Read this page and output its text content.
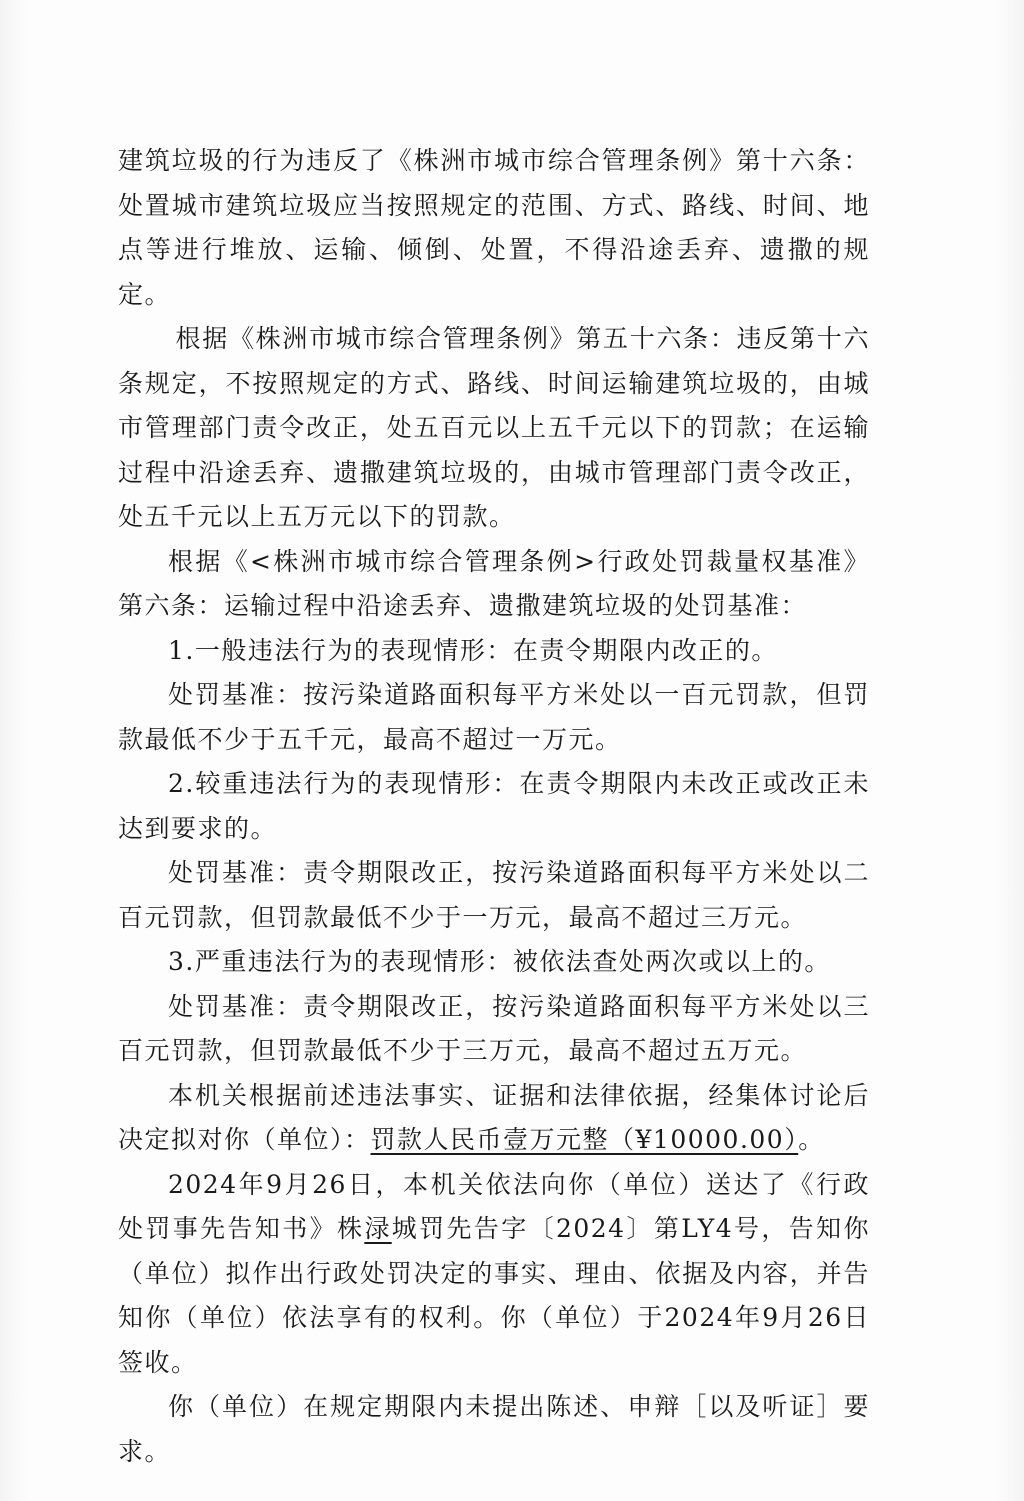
建筑垃圾的行为违反了《株洲市城市综合管理条例》第十六条：处置城市建筑垃圾应当按照规定的范围、方式、路线、时间、地点等进行堆放、运输、倾倒、处置，不得沿途丢弃、遗撒的规定。

根据《株洲市城市综合管理条例》第五十六条：违反第十六条规定，不按照规定的方式、路线、时间运输建筑垃圾的，由城市管理部门责令改正，处五百元以上五千元以下的罚款；在运输过程中沿途丢弃、遗撒建筑垃圾的，由城市管理部门责令改正，处五千元以上五万元以下的罚款。

根据《<株洲市城市综合管理条例>行政处罚裁量权基准》第六条：运输过程中沿途丢弃、遗撒建筑垃圾的处罚基准：

1.一般违法行为的表现情形：在责令期限内改正的。

处罚基准：按污染道路面积每平方米处以一百元罚款，但罚款最低不少于五千元，最高不超过一万元。

2.较重违法行为的表现情形：在责令期限内未改正或改正未达到要求的。

处罚基准：责令期限改正，按污染道路面积每平方米处以二百元罚款，但罚款最低不少于一万元，最高不超过三万元。

3.严重违法行为的表现情形：被依法查处两次或以上的。

处罚基准：责令期限改正，按污染道路面积每平方米处以三百元罚款，但罚款最低不少于三万元，最高不超过五万元。

本机关根据前述违法事实、证据和法律依据，经集体讨论后决定拟对你（单位）：罚款人民币壹万元整（¥10000.00）。

2024年9月26日，本机关依法向你（单位）送达了《行政处罚事先告知书》株渌城罚先告字〔2024〕第LY4号，告知你（单位）拟作出行政处罚决定的事实、理由、依据及内容，并告知你（单位）依法享有的权利。你（单位）于2024年9月26日签收。

你（单位）在规定期限内未提出陈述、申辩［以及听证］要求。
